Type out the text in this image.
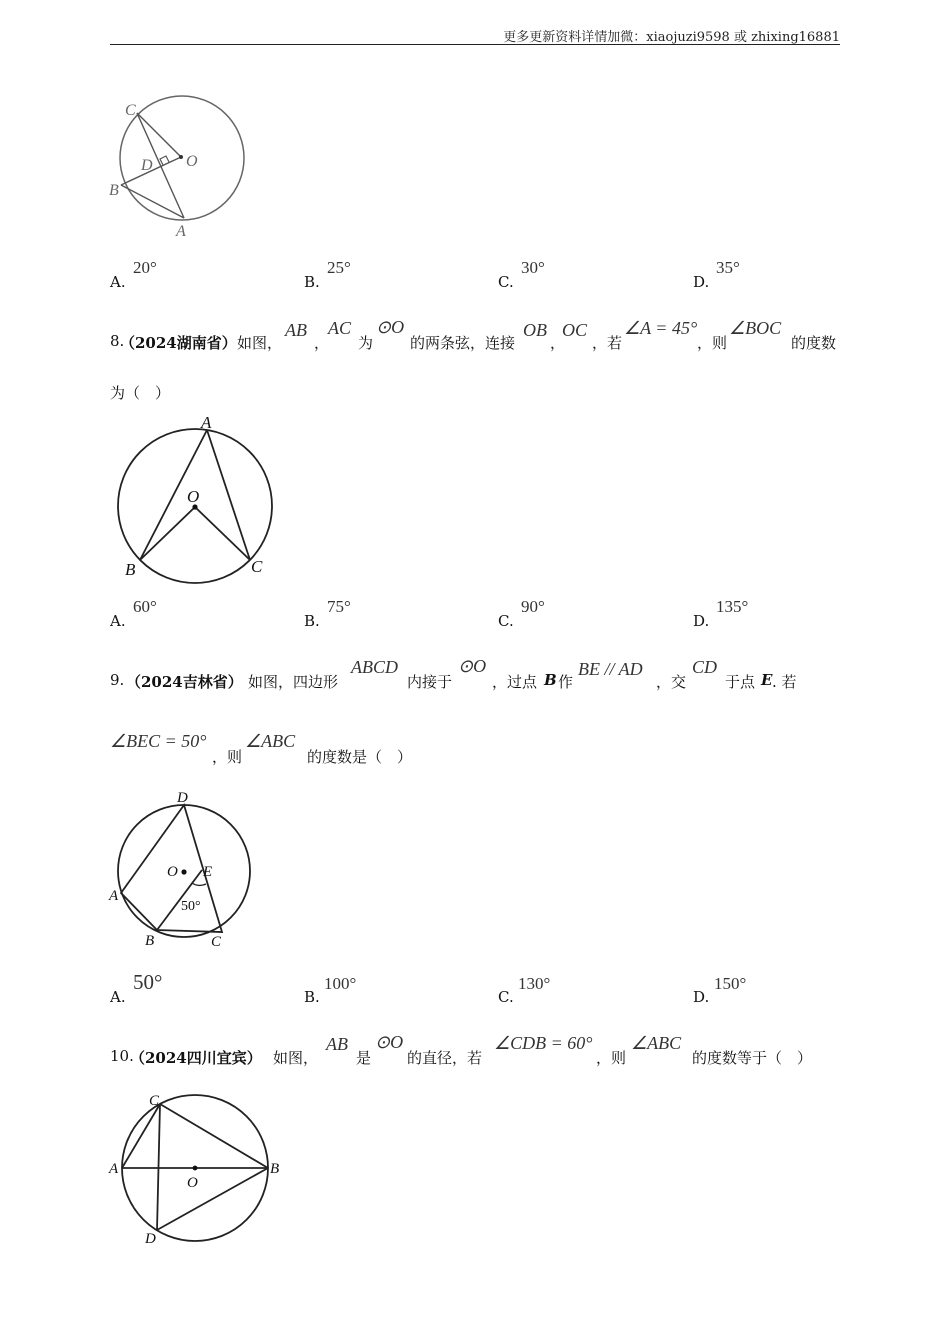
更多更新资料详情加微：xiaojuzi9598 或 zhixing16881
C
D O
B
A
A.
20°
B.
25°
C.
30°
D.
35°
8.
（2024湖南省） 如图，
AB
，
AC
为
⊙O
的两条弦，连接
OB
，
OC
，若
∠A = 45°
，则
∠BOC
的度数
为（　）
A
O
B	C
A.
60°
B.
75°
C.
90°
D.
135°
9. （2024吉林省） 如图，四边形
ABCD
内接于
⊙O
，过点 B 作
BE // AD
，交
CD
于点 E . 若
∠BEC = 50°
，则
∠ABC
的度数是（　）
D
O E
A
50°
B	C
A.
50°
B.
100°
C.
130°
D.
150°
10.
（2024四川宜宾） 如图，
AB
是
⊙O
的直径，若
∠CDB = 60°
，则
∠ABC
的度数等于（　）
C
A	B
O
D
